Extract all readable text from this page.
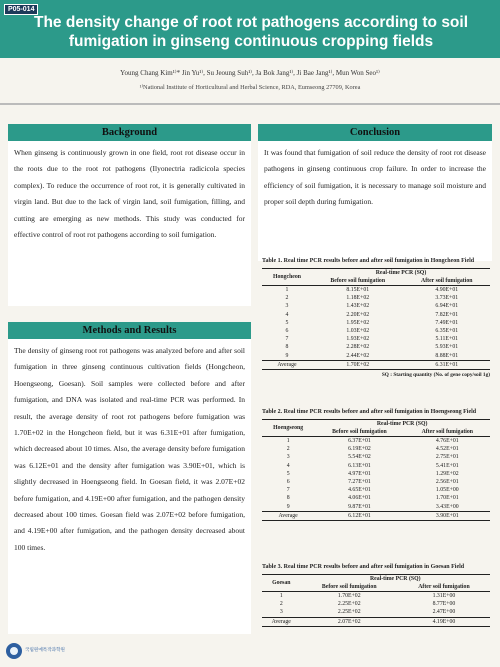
P05-014
The density change of root rot pathogens according to soil
fumigation in ginseng continuous cropping fields
Young Chang Kim¹⁾* Jin Yu¹⁾, Su Jeoung Suh¹⁾, Ja Bok Jang¹⁾, Ji Bae Jang¹⁾, Mun Won Seo¹⁾
¹⁾National Institute of Horticultural and Herbal Science, RDA, Eumseong 27709, Korea
Background
When ginseng is continuously grown in one field, root rot disease occur in the roots due to the root rot pathogens (Ilyonectria radicicola species complex). To reduce the occurrence of root rot, it is generally cultivated in virgin land. But due to the lack of virgin land, soil fumigation, filling, and cutting are emerging as new methods. This study was conducted for effective control of root rot pathogens according to soil fumigation.
Methods and Results
The density of ginseng root rot pathogens was analyzed before and after soil fumigation in three ginseng continuous cultivation fields (Hongcheon, Hoengseong, Goesan). Soil samples were collected before and after fumigation, and DNA was isolated and real-time PCR was performed. In result, the average density of root rot pathogens before fumigation was 1.70E+02 in the Hongcheon field, but it was 6.31E+01 after fumigation, which decreased about 10 times. Also, the average density before fumigation was 6.12E+01 and the density after fumigation was 3.90E+01, which is slightly decreased in Hoengseong field. In Goesan field, it was 2.07E+02 before fumigation, and 4.19E+00 after fumigation, and the pathogen density decreased about 100 times. Goesan field was 2.07E+02 before fumigation, and 4.19E+00 after fumigation, and the pathogen density decreased about 100 times.
Conclusion
It was found that fumigation of soil reduce the density of root rot disease pathogens in ginseng continuous crop failure. In order to increase the efficiency of soil fumigation, it is necessary to manage soil moisture and proper soil depth during fumigation.
Table 1. Real time PCR results before and after soil fumigation in Hongcheon Field
Hongcheon	Real-time PCR (SQ)	
	Before soil fumigation	After soil fumigation
1	8.15E+01	4.90E+01
2	1.18E+02	3.73E+01
3	1.43E+02	6.94E+01
4	2.20E+02	7.82E+01
5	1.95E+02	7.49E+01
6	1.03E+02	6.35E+01
7	1.93E+02	5.11E+01
8	2.28E+02	5.93E+01
9	2.44E+02	8.88E+01
Average	1.70E+02	6.31E+01
SQ : Starting quantity (No. of gene copy/soil 1g)
Table 2. Real time PCR results before and after soil fumigation in Hoengseong Field
Hoengseong	Real-time PCR (SQ)	
	Before soil fumigation	After soil fumigation
1	6.37E+01	4.76E+01
2	6.19E+02	4.52E+01
3	5.54E+02	2.75E+01
4	6.13E+01	5.41E+01
5	4.97E+01	1.29E+02
6	7.27E+01	2.56E+01
7	4.65E+01	1.05E+00
8	4.06E+01	1.70E+01
9	9.87E+01	3.43E+00
Average	6.12E+01	3.90E+01
Table 3. Real time PCR results before and after soil fumigation in Goesan Field
Goesan	Real-time PCR (SQ)	
	Before soil fumigation	After soil fumigation
1	1.70E+02	1.31E+00
2	2.25E+02	8.77E+00
3	2.25E+02	2.47E+00
Average	2.07E+02	4.19E+00
국립원예특작과학원
